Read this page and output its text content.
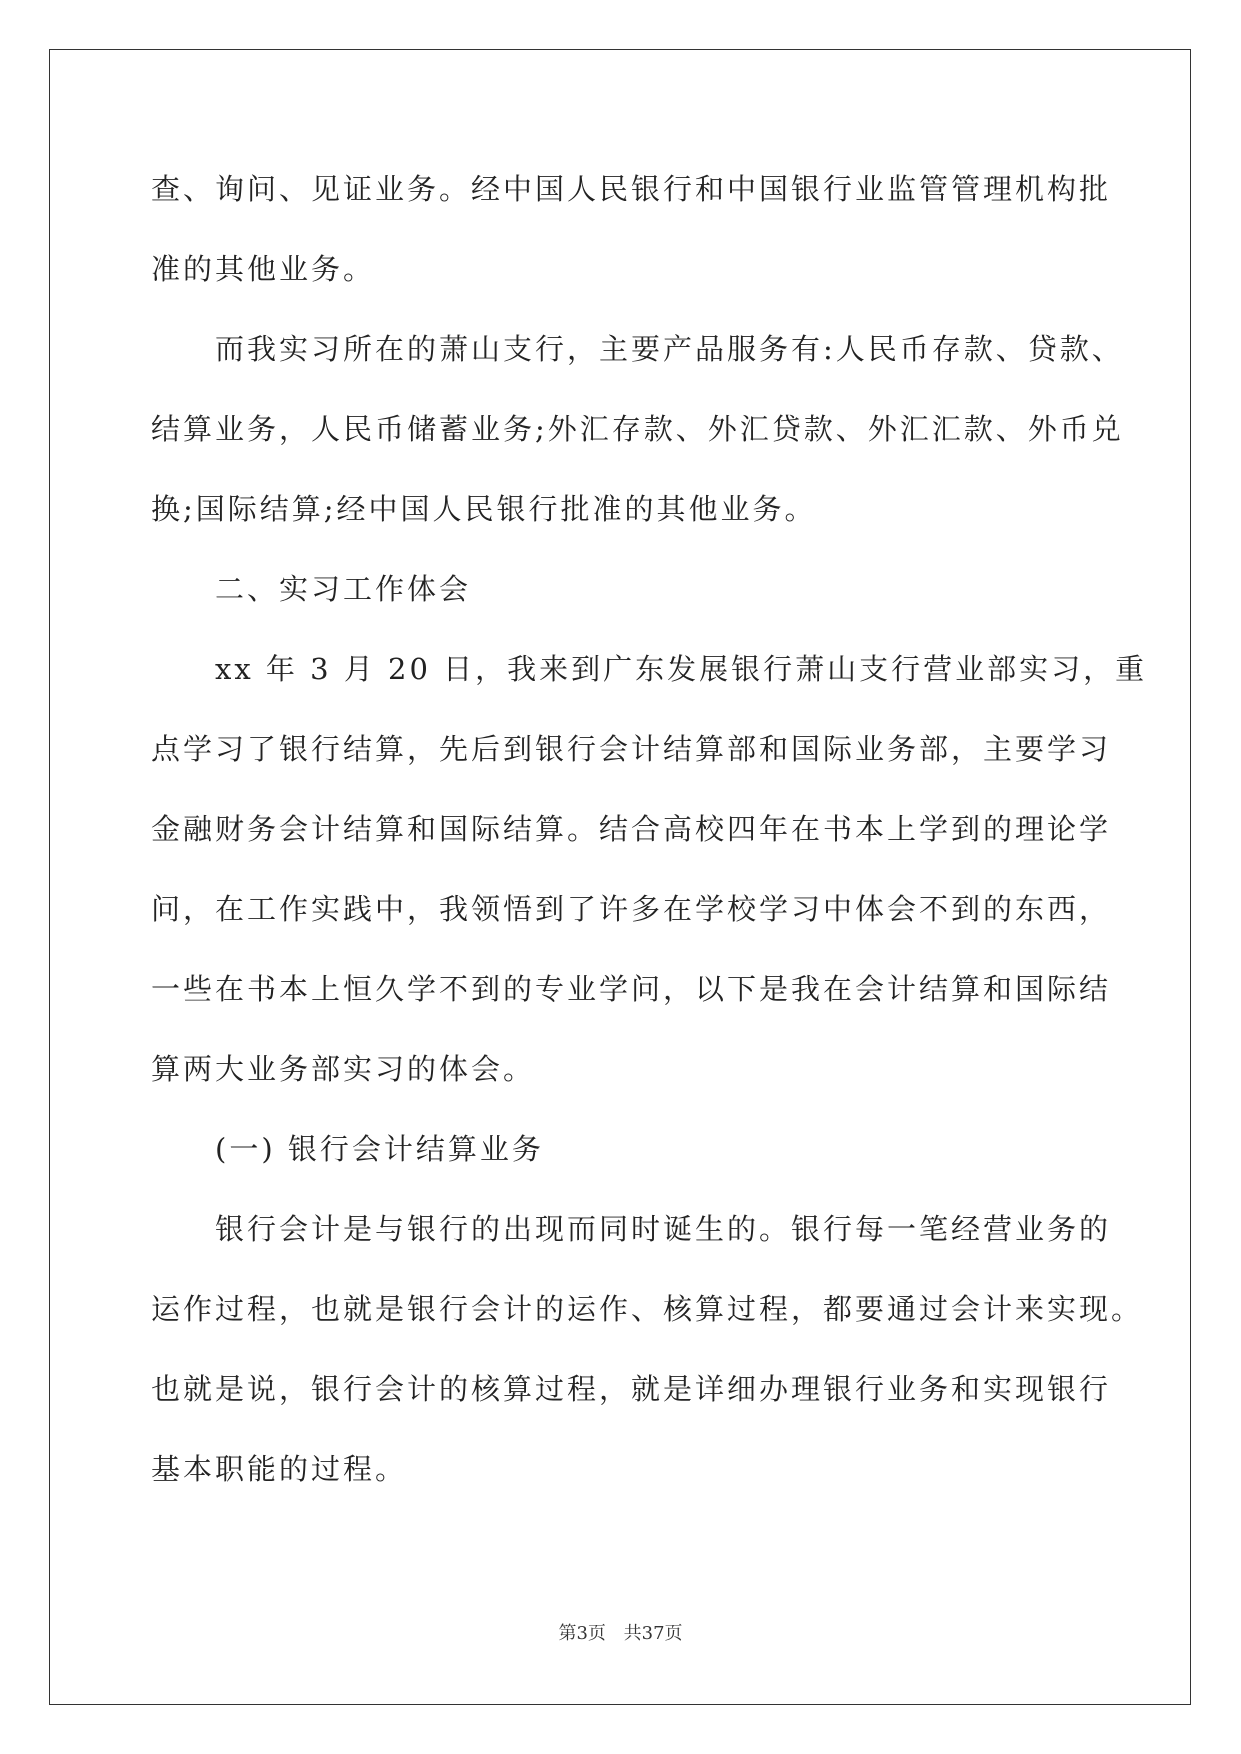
查、询问、见证业务。经中国人民银行和中国银行业监管管理机构批
准的其他业务。
而我实习所在的萧山支行，主要产品服务有:人民币存款、贷款、
结算业务，人民币储蓄业务;外汇存款、外汇贷款、外汇汇款、外币兑
换;国际结算;经中国人民银行批准的其他业务。
二、实习工作体会
xx 年 3 月 20 日，我来到广东发展银行萧山支行营业部实习，重
点学习了银行结算，先后到银行会计结算部和国际业务部，主要学习
金融财务会计结算和国际结算。结合高校四年在书本上学到的理论学
问，在工作实践中，我领悟到了许多在学校学习中体会不到的东西，
一些在书本上恒久学不到的专业学问，以下是我在会计结算和国际结
算两大业务部实习的体会。
(一) 银行会计结算业务
银行会计是与银行的出现而同时诞生的。银行每一笔经营业务的
运作过程，也就是银行会计的运作、核算过程，都要通过会计来实现。
也就是说，银行会计的核算过程，就是详细办理银行业务和实现银行
基本职能的过程。
第3页 共37页
